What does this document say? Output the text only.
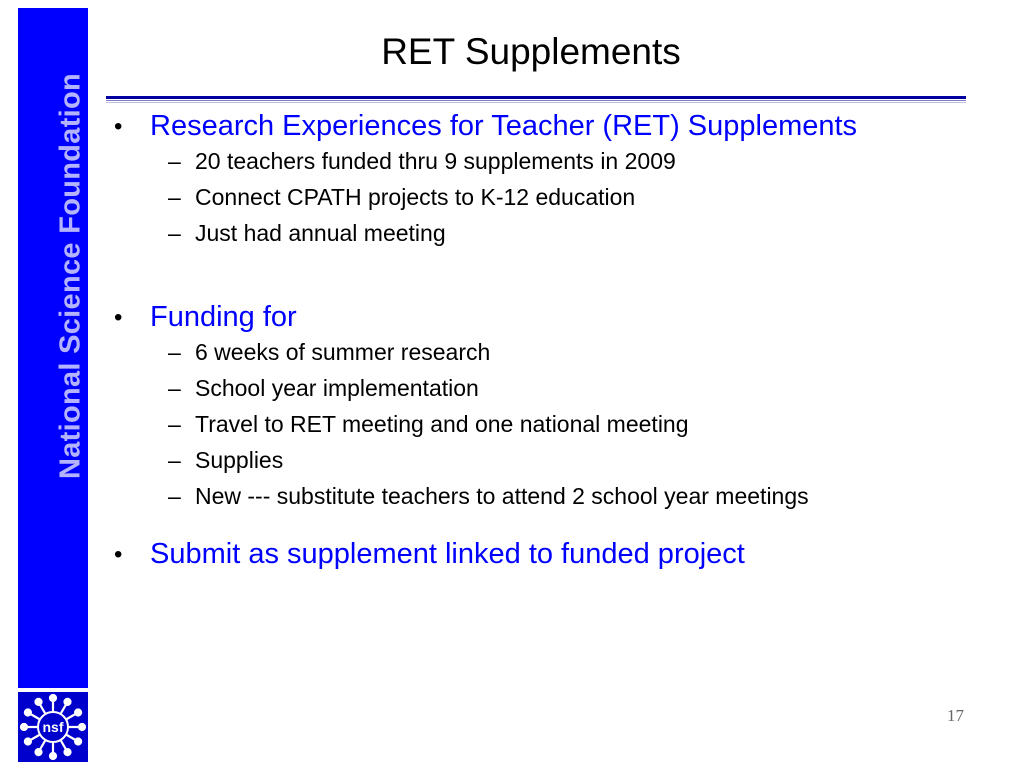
National Science Foundation
nsf
RET Supplements
• Research Experiences for Teacher (RET) Supplements
– 20 teachers funded thru 9 supplements in 2009
– Connect CPATH projects to K-12 education
– Just had annual meeting
• Funding for
– 6 weeks of summer research
– School year implementation
– Travel to RET meeting and one national meeting
– Supplies
– New --- substitute teachers to attend 2 school year meetings
• Submit as supplement linked to funded project
17
